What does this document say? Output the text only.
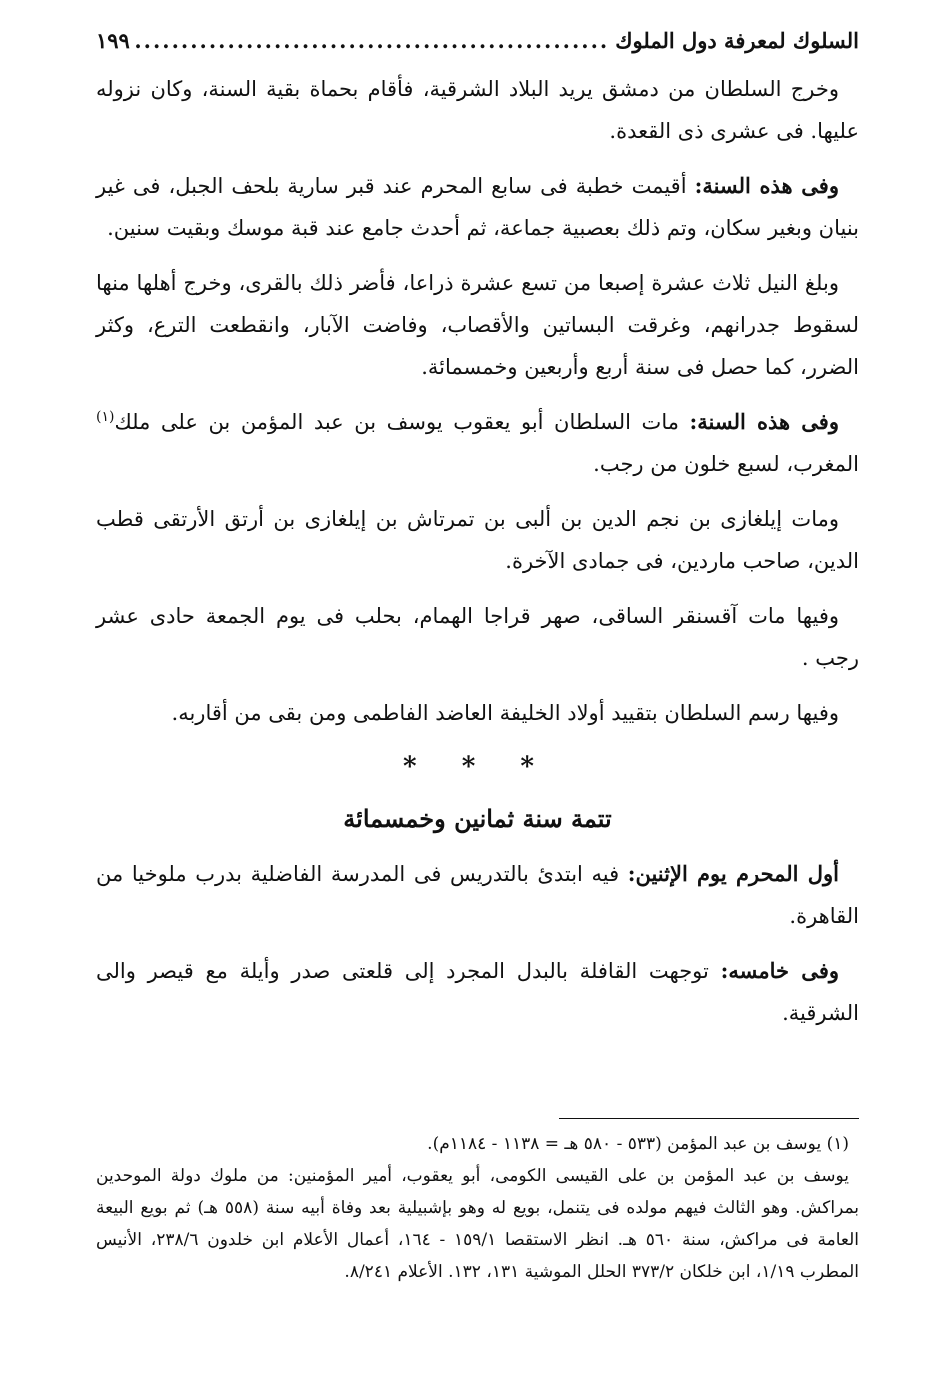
السلوك لمعرفة دول الملوك
.....
١٩٩

وخرج السلطان من دمشق يريد البلاد الشرقية، فأقام بحماة بقية السنة، وكان نزوله عليها. فى عشرى ذى القعدة.

وفى هذه السنة: أقيمت خطبة فى سابع المحرم عند قبر سارية بلحف الجبل، فى غير بنيان وبغير سكان، وتم ذلك بعصبية جماعة، ثم أحدث جامع عند قبة موسك وبقيت سنين.

وبلغ النيل ثلاث عشرة إصبعا من تسع عشرة ذراعا، فأضر ذلك بالقرى، وخرج أهلها منها لسقوط جدرانهم، وغرقت البساتين والأقصاب، وفاضت الآبار، وانقطعت الترع، وكثر الضرر، كما حصل فى سنة أربع وأربعين وخمسمائة.

وفى هذه السنة: مات السلطان أبو يعقوب يوسف بن عبد المؤمن بن على ملك$^{(١)}$ المغرب، لسبع خلون من رجب.

ومات إيلغازى بن نجم الدين بن ألبى بن تمرتاش بن إيلغازى بن أرتق الأرتقى قطب الدين، صاحب ماردين، فى جمادى الآخرة.

وفيها مات آقسنقر الساقى، صهر قراجا الهمام، بحلب فى يوم الجمعة حادى عشر رجب .

وفيها رسم السلطان بتقييد أولاد الخليفة العاضد الفاطمى ومن بقى من أقاربه.

* * *
تتمة سنة ثمانين وخمسمائة

أول المحرم يوم الإثنين: فيه ابتدئ بالتدريس فى المدرسة الفاضلية بدرب ملوخيا من القاهرة.

وفى خامسه: توجهت القافلة بالبدل المجرد إلى قلعتى صدر وأيلة مع قيصر والى الشرقية.

(١) يوسف بن عبد المؤمن (٥٣٣ - ٥٨٠ هـ = ١١٣٨ - ١١٨٤م).

يوسف بن عبد المؤمن بن على القيسى الكومى، أبو يعقوب، أمير المؤمنين: من ملوك دولة الموحدين بمراكش. وهو الثالث فيهم مولده فى يتنمل، بويع له وهو بإشبيلية بعد وفاة أبيه سنة (٥٥٨ هـ) ثم بويع البيعة العامة فى مراكش، سنة ٥٦٠ هـ. انظر الاستقصا ١٥٩/١ - ١٦٤، أعمال الأعلام ابن خلدون ٢٣٨/٦، الأنيس المطرب ١/١٩، ابن خلكان ٣٧٣/٢ الحلل الموشية ١٣١، ١٣٢. الأعلام ٨/٢٤١.
